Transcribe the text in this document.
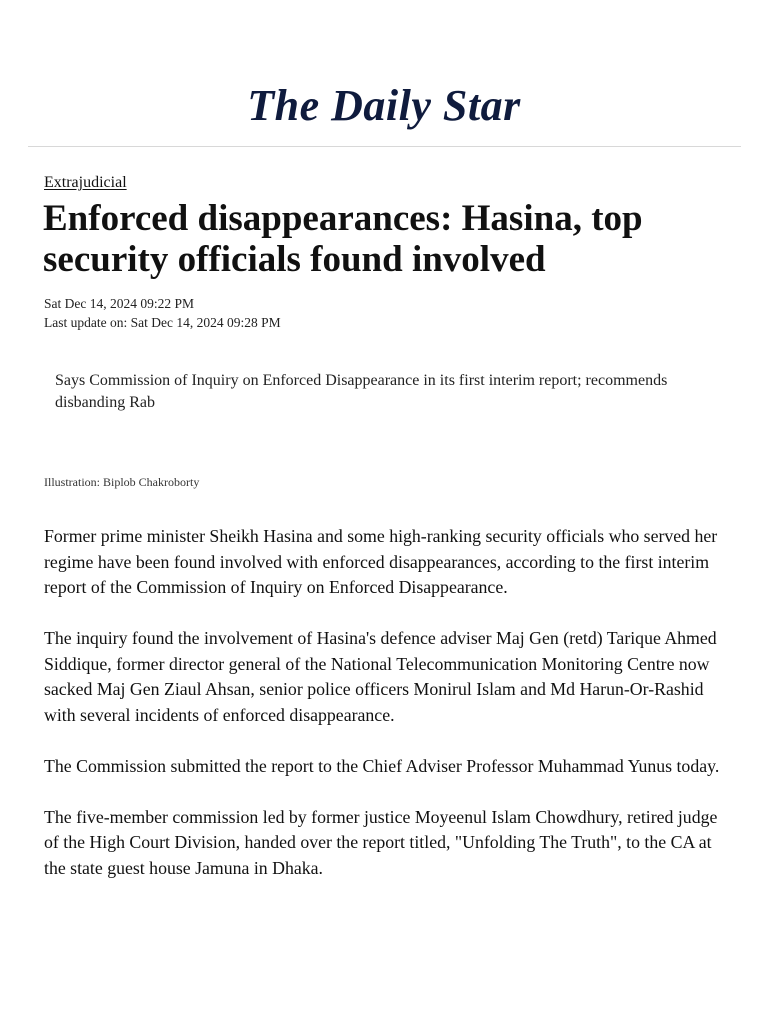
The Daily Star
Extrajudicial
Enforced disappearances: Hasina, top security officials found involved
Sat Dec 14, 2024 09:22 PM
Last update on: Sat Dec 14, 2024 09:28 PM

Says Commission of Inquiry on Enforced Disappearance in its first interim report; recommends disbanding Rab

Illustration: Biplob Chakroborty

Former prime minister Sheikh Hasina and some high-ranking security officials who served her regime have been found involved with enforced disappearances, according to the first interim report of the Commission of Inquiry on Enforced Disappearance.

The inquiry found the involvement of Hasina's defence adviser Maj Gen (retd) Tarique Ahmed Siddique, former director general of the National Telecommunication Monitoring Centre now sacked Maj Gen Ziaul Ahsan, senior police officers Monirul Islam and Md Harun-Or-Rashid with several incidents of enforced disappearance.

The Commission submitted the report to the Chief Adviser Professor Muhammad Yunus today.

The five-member commission led by former justice Moyeenul Islam Chowdhury, retired judge of the High Court Division, handed over the report titled, "Unfolding The Truth", to the CA at the state guest house Jamuna in Dhaka.
